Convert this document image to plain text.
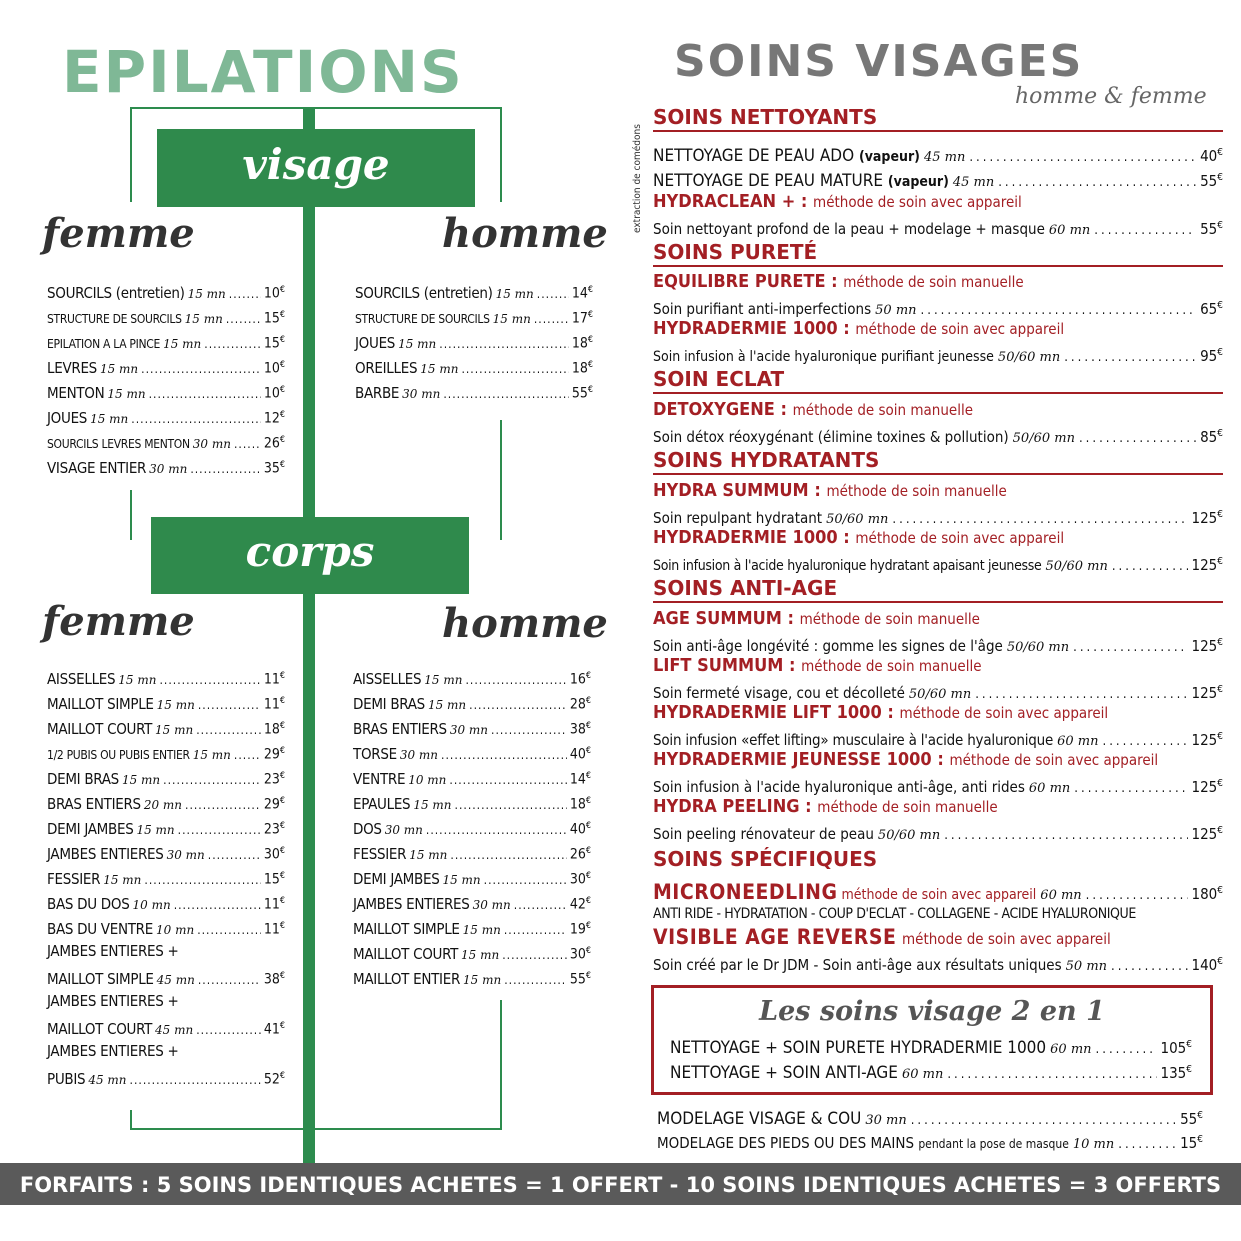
EPILATIONS
visage
femme	homme
SOURCILS (entretien) 15 mn .....	10€
STRUCTURE DE SOURCILS 15 mn .....	15€
EPILATION A LA PINCE 15 mn .....	15€
LEVRES 15 mn .....	10€
MENTON 15 mn .....	10€
JOUES 15 mn .....	12€
SOURCILS LEVRES MENTON 30 mn ..... 26€
VISAGE ENTIER 30 mn .....	35€
SOURCILS (entretien) 15 mn .....	14€
STRUCTURE DE SOURCILS 15 mn .....	17€
JOUES 15 mn .....	18€
OREILLES 15 mn .....	18€
BARBE 30 mn .....	55€
corps
femme	homme
AISSELLES 15 mn .....	11€
MAILLOT SIMPLE 15 mn .....	11€
MAILLOT COURT 15 mn .....	18€
1/2 PUBIS OU PUBIS ENTIER 15 mn ..... 29€
DEMI BRAS 15 mn .....	23€
BRAS ENTIERS 20 mn .....	29€
DEMI JAMBES 15 mn .....	23€
JAMBES ENTIERES 30 mn .....	30€
FESSIER 15 mn .....	15€
BAS DU DOS 10 mn .....	11€
BAS DU VENTRE 10 mn .....	11€
JAMBES ENTIERES +
MAILLOT SIMPLE 45 mn .....	38€
JAMBES ENTIERES +
MAILLOT COURT 45 mn .....	41€
JAMBES ENTIERES +
PUBIS 45 mn .....	52€
AISSELLES 15 mn .....	16€
DEMI BRAS 15 mn .....	28€
BRAS ENTIERS 30 mn .....	38€
TORSE 30 mn .....	40€
VENTRE 10 mn .....	14€
EPAULES 15 mn .....	18€
DOS 30 mn .....	40€
FESSIER 15 mn .....	26€
DEMI JAMBES 15 mn .....	30€
JAMBES ENTIERES 30 mn .....	42€
MAILLOT SIMPLE 15 mn .....	19€
MAILLOT COURT 15 mn .....	30€
MAILLOT ENTIER 15 mn .....	55€
SOINS VISAGES
homme & femme
extraction de comédons
SOINS NETTOYANTS
NETTOYAGE DE PEAU ADO
(vapeur) 45 mn .....	40€
NETTOYAGE DE PEAU MATURE
(vapeur) 45 mn .....	55€
HYDRACLEAN + : méthode de soin avec appareil
Soin nettoyant profond de la peau + modelage + masque 60 mn .....	55€
SOINS PURETÉ
EQUILIBRE PURETE : méthode de soin manuelle
Soin purifiant anti-imperfections 50 mn .....	65€
HYDRADERMIE 1000 : méthode de soin avec appareil
Soin infusion à l'acide hyaluronique purifiant jeunesse 50/60 mn .....	95€
SOIN ECLAT
DETOXYGENE : méthode de soin manuelle
Soin détox réoxygénant (élimine toxines & pollution) 50/60 mn .....	85€
SOINS HYDRATANTS
HYDRA SUMMUM : méthode de soin manuelle
Soin repulpant hydratant 50/60 mn .....	125€
HYDRADERMIE 1000 : méthode de soin avec appareil
Soin infusion à l'acide hyaluronique hydratant apaisant jeunesse 50/60 mn .....	125€
SOINS ANTI-AGE
AGE SUMMUM : méthode de soin manuelle
Soin anti-âge longévité : gomme les signes de l'âge 50/60 mn .....	125€
LIFT SUMMUM : méthode de soin manuelle
Soin fermeté visage, cou et décolleté 50/60 mn .....	125€
HYDRADERMIE LIFT 1000 : méthode de soin avec appareil
Soin infusion «effet lifting» musculaire à l'acide hyaluronique 60 mn .....	125€
HYDRADERMIE JEUNESSE 1000 : méthode de soin avec appareil
Soin infusion à l'acide hyaluronique anti-âge, anti rides 60 mn .....	125€
HYDRA PEELING : méthode de soin manuelle
Soin peeling rénovateur de peau 50/60 mn .....	125€
SOINS SPÉCIFIQUES
MICRONEEDLING méthode de soin avec appareil 60 mn .....	180€
ANTI RIDE - HYDRATATION - COUP D'ECLAT - COLLAGENE - ACIDE HYALURONIQUE
VISIBLE AGE REVERSE méthode de soin avec appareil
Soin créé par le Dr JDM - Soin anti-âge aux résultats uniques 50 mn .....	140€
Les soins visage 2 en 1
NETTOYAGE + SOIN PURETE HYDRADERMIE 1000 60 mn .....	105€
NETTOYAGE + SOIN ANTI-AGE 60 mn .....	135€
MODELAGE VISAGE & COU 30 mn .....	55€
MODELAGE DES PIEDS OU DES MAINS
pendant la pose de masque 10 mn .....	15€
FORFAITS : 5 SOINS IDENTIQUES ACHETES = 1 OFFERT - 10 SOINS IDENTIQUES ACHETES = 3 OFFERTS
